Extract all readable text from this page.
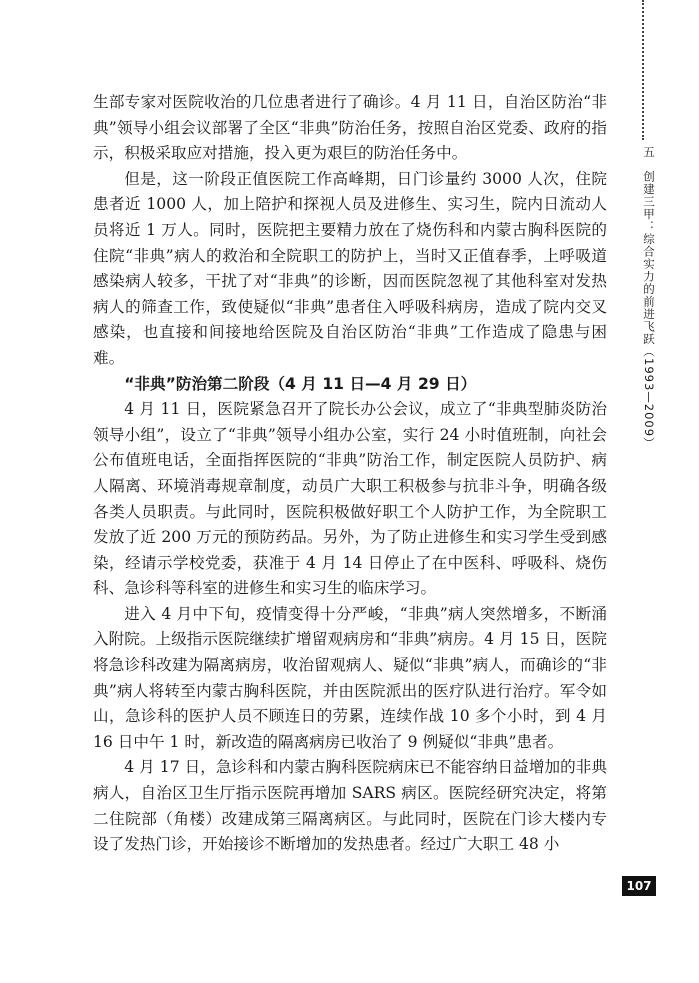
五创建三甲：综合实力的前进飞跃（1993—2009）

生部专家对医院收治的几位患者进行了确诊。4 月 11 日，自治区防治“非典”领导小组会议部署了全区“非典”防治任务，按照自治区党委、政府的指示，积极采取应对措施，投入更为艰巨的防治任务中。

但是，这一阶段正值医院工作高峰期，日门诊量约 3000 人次，住院患者近 1000 人，加上陪护和探视人员及进修生、实习生，院内日流动人员将近 1 万人。同时，医院把主要精力放在了烧伤科和内蒙古胸科医院的住院“非典”病人的救治和全院职工的防护上，当时又正值春季，上呼吸道感染病人较多，干扰了对“非典”的诊断，因而医院忽视了其他科室对发热病人的筛查工作，致使疑似“非典”患者住入呼吸科病房，造成了院内交叉感染，也直接和间接地给医院及自治区防治“非典”工作造成了隐患与困难。

“非典”防治第二阶段（4 月 11 日—4 月 29 日）

4 月 11 日，医院紧急召开了院长办公会议，成立了“非典型肺炎防治领导小组”，设立了“非典”领导小组办公室，实行 24 小时值班制，向社会公布值班电话，全面指挥医院的“非典”防治工作，制定医院人员防护、病人隔离、环境消毒规章制度，动员广大职工积极参与抗非斗争，明确各级各类人员职责。与此同时，医院积极做好职工个人防护工作，为全院职工发放了近 200 万元的预防药品。另外，为了防止进修生和实习学生受到感染，经请示学校党委，获准于 4 月 14 日停止了在中医科、呼吸科、烧伤科、急诊科等科室的进修生和实习生的临床学习。

进入 4 月中下旬，疫情变得十分严峻，“非典”病人突然增多，不断涌入附院。上级指示医院继续扩增留观病房和“非典”病房。4 月 15 日，医院将急诊科改建为隔离病房，收治留观病人、疑似“非典”病人，而确诊的“非典”病人将转至内蒙古胸科医院，并由医院派出的医疗队进行治疗。军令如山，急诊科的医护人员不顾连日的劳累，连续作战 10 多个小时，到 4 月 16 日中午 1 时，新改造的隔离病房已收治了 9 例疑似“非典”患者。

4 月 17 日，急诊科和内蒙古胸科医院病床已不能容纳日益增加的非典病人，自治区卫生厅指示医院再增加 SARS 病区。医院经研究决定，将第二住院部（角楼）改建成第三隔离病区。与此同时，医院在门诊大楼内专设了发热门诊，开始接诊不断增加的发热患者。经过广大职工 48 小

107
